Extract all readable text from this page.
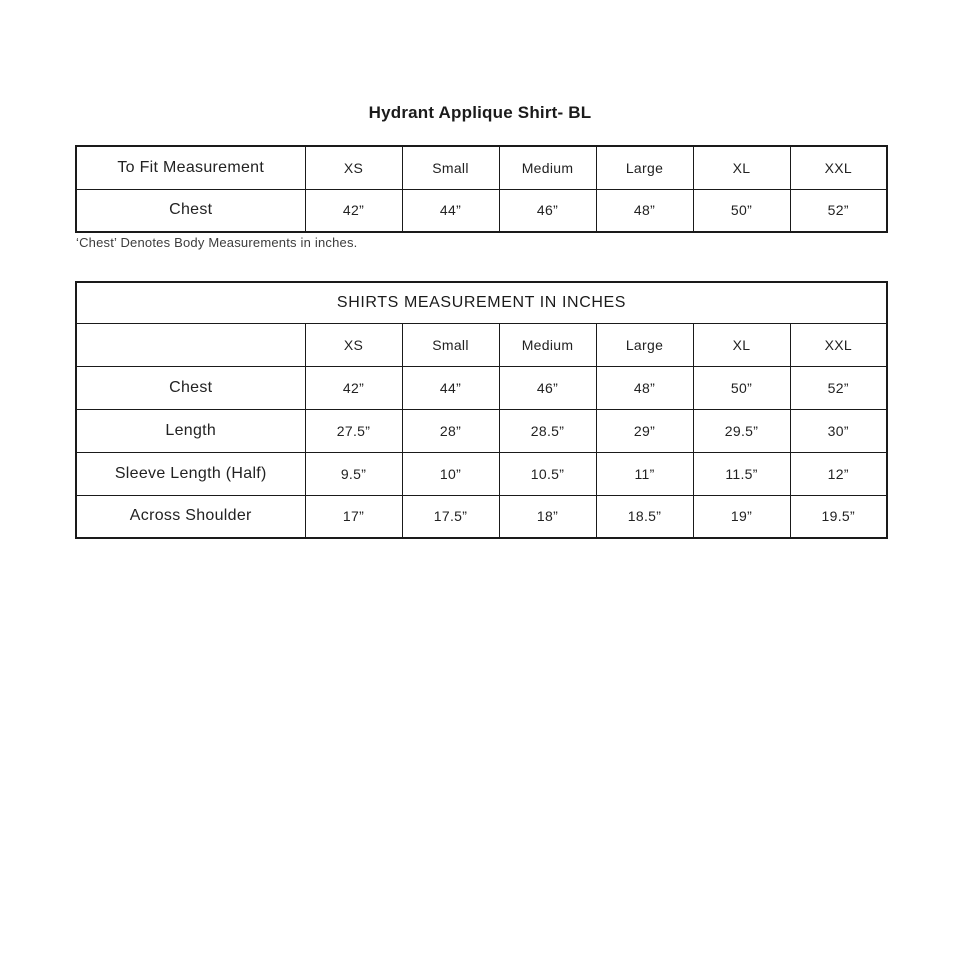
Hydrant Applique Shirt- BL
To Fit Measurement	XS	Small	Medium	Large	XL	XXL
Chest	42”	44”	46”	48”	50”	52”
‘Chest’ Denotes Body Measurements in inches.
SHIRTS MEASUREMENT IN INCHES						
	XS	Small	Medium	Large	XL	XXL
Chest	42”	44”	46”	48”	50”	52”
Length	27.5”	28”	28.5”	29”	29.5”	30”
Sleeve Length (Half)	9.5”	10”	10.5”	11”	11.5”	12”
Across Shoulder	17”	17.5”	18”	18.5”	19”	19.5”
